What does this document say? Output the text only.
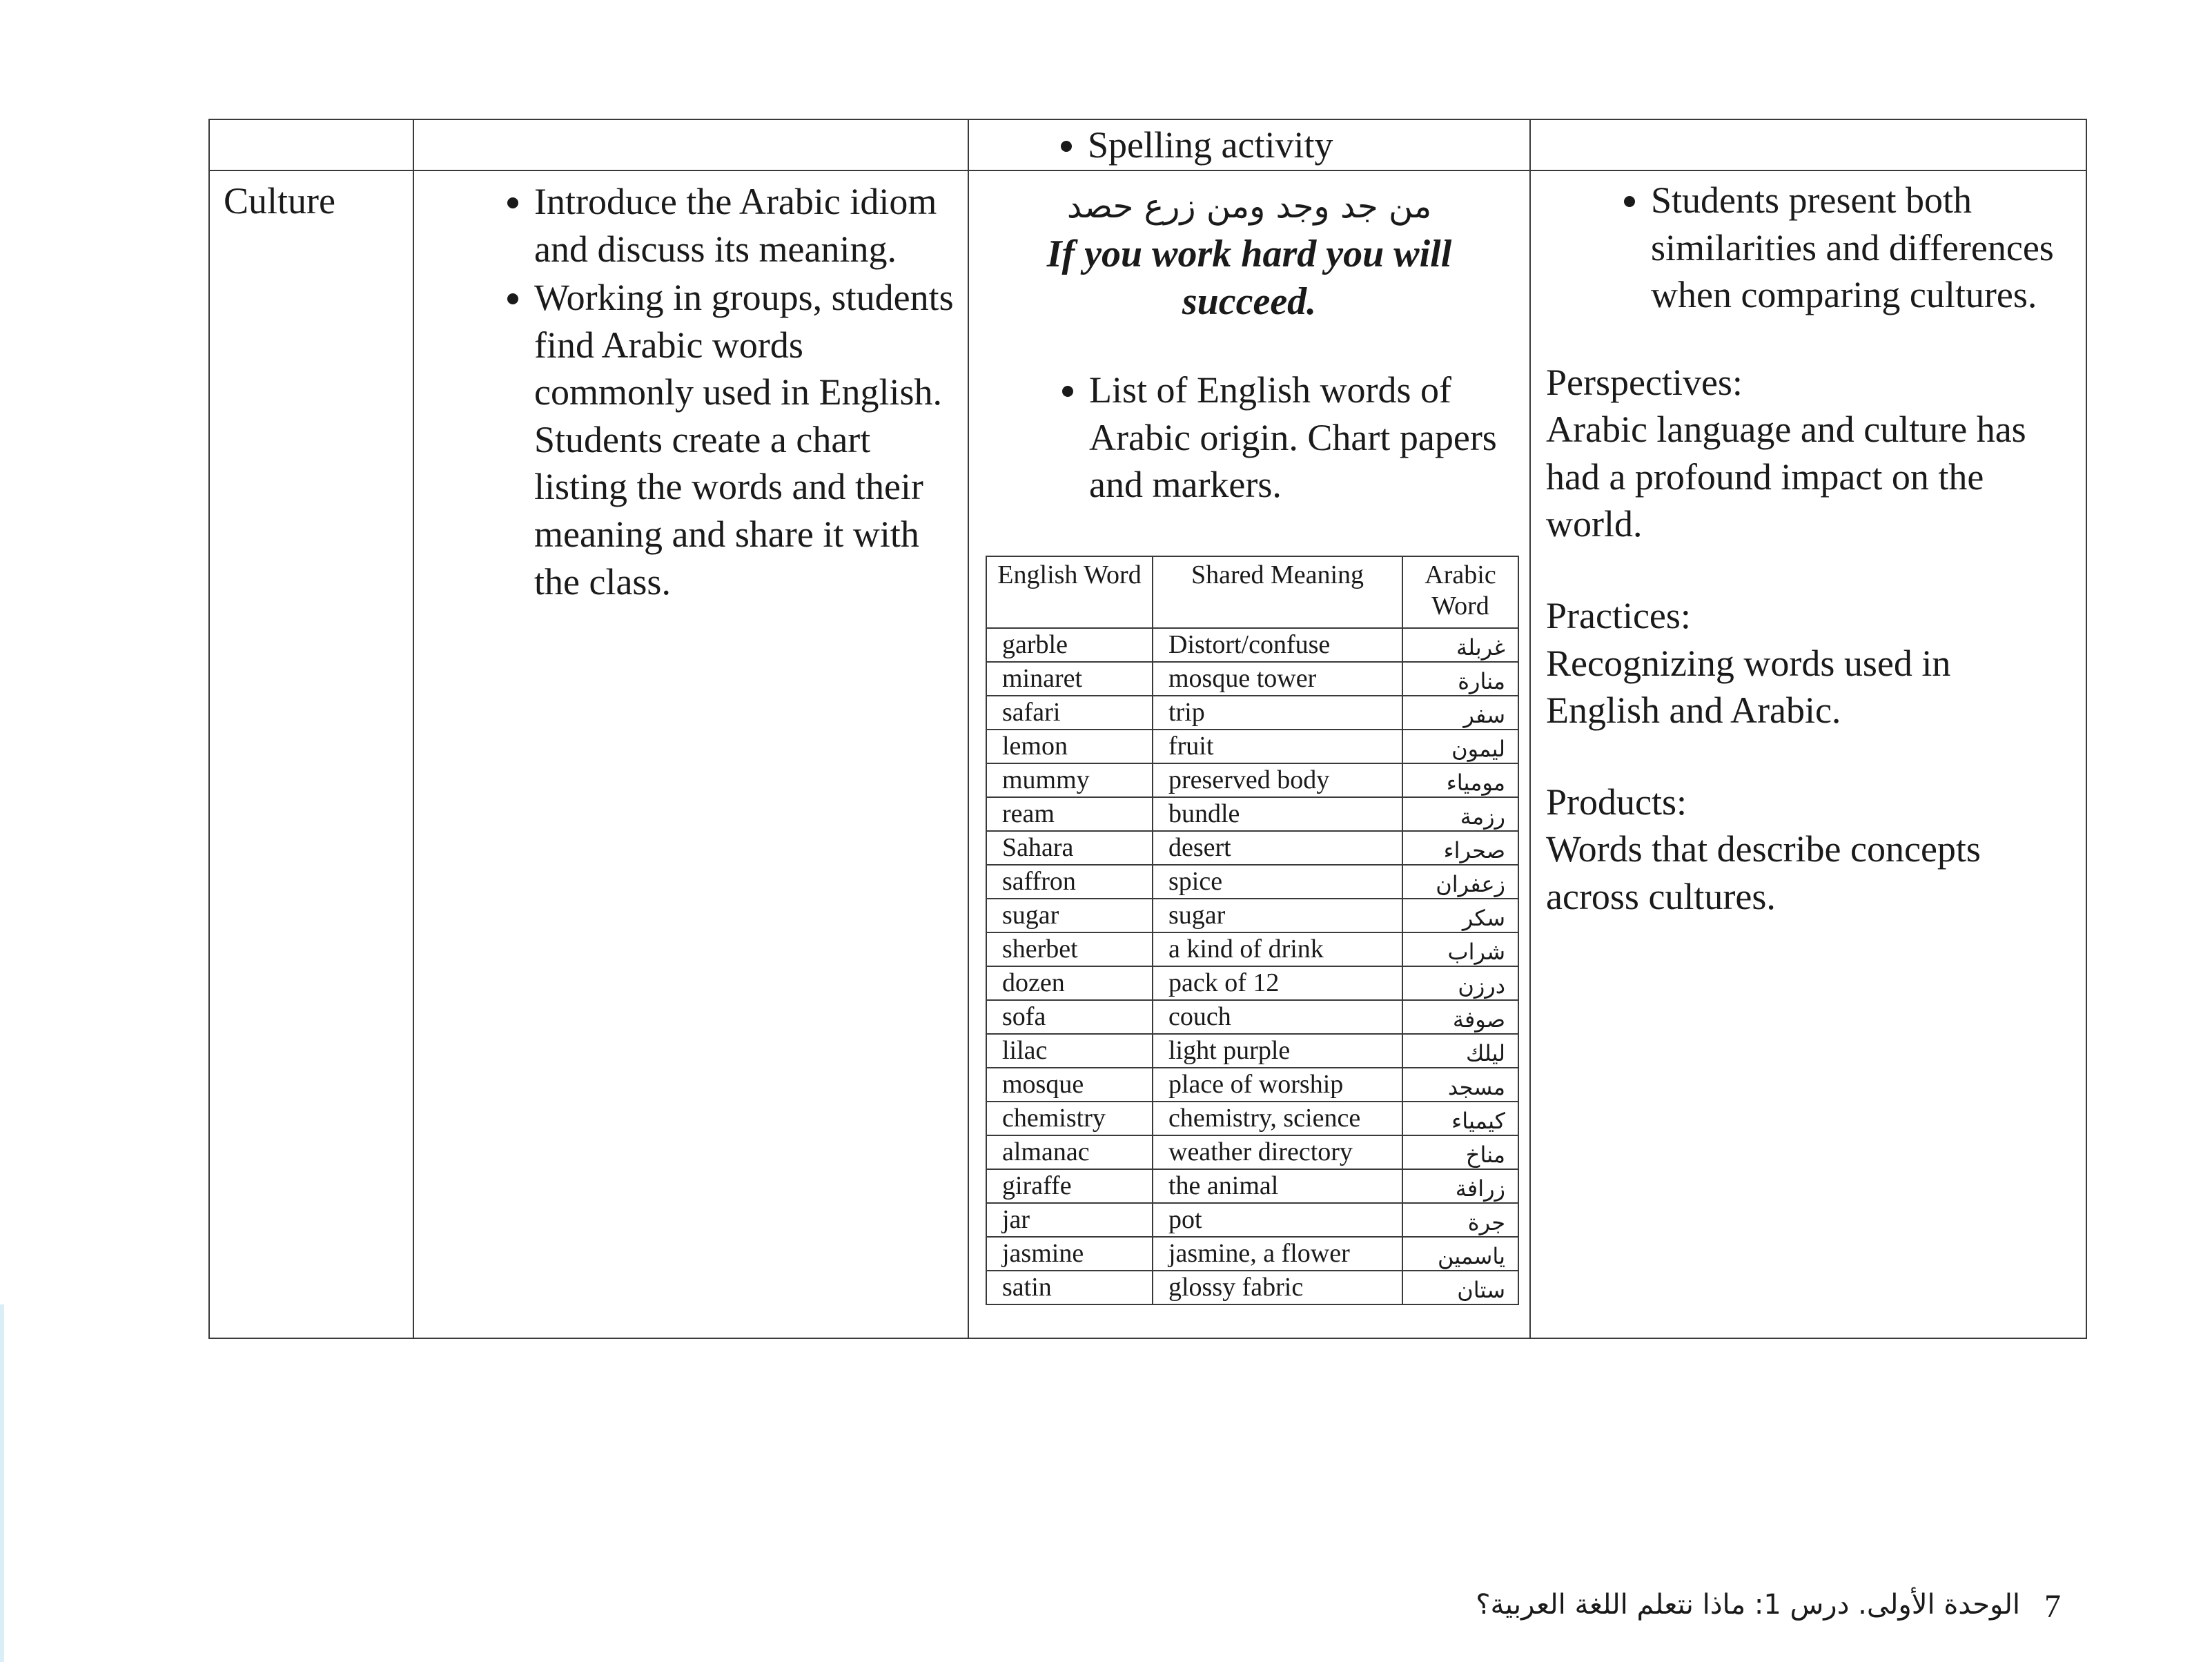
• Spelling activity

Culture

•Introduce the Arabic idiom and discuss its meaning.
• Working in groups, students find Arabic words commonly used in English. Students create a chart listing the words and their meaning and share it with the class.

من جد وجد ومن زرع حصد
If you work hard you will succeed.
• List of English words of Arabic origin. Chart papers and markers.
English Word	Shared Meaning	Arabic Word
garble	Distort/confuse	غربلة
minaret	mosque tower	منارة
safari	trip	سفر
lemon	fruit	ليمون
mummy	preserved body	مومياء
ream	bundle	رزمة
Sahara	desert	صحراء
saffron	spice	زعفران
sugar	sugar	سكر
sherbet	a kind of drink	شراب
dozen	pack of 12	درزن
sofa	couch	صوفة
lilac	light purple	ليلك
mosque	place of worship	مسجد
chemistry	chemistry, science	كيمياء
almanac	weather directory	مناخ
giraffe	the animal	زرافة
jar	pot	جرة
jasmine	jasmine, a flower	ياسمين
satin	glossy fabric	ستان

• Students present both similarities and differences when comparing cultures.
Perspectives:
Arabic language and culture has had a profound impact on the world.
Practices:
Recognizing words used in English and Arabic.
Products:
Words that describe concepts across cultures.
الوحدة الأولى. درس 1: ماذا نتعلم اللغة العربية؟ 7
